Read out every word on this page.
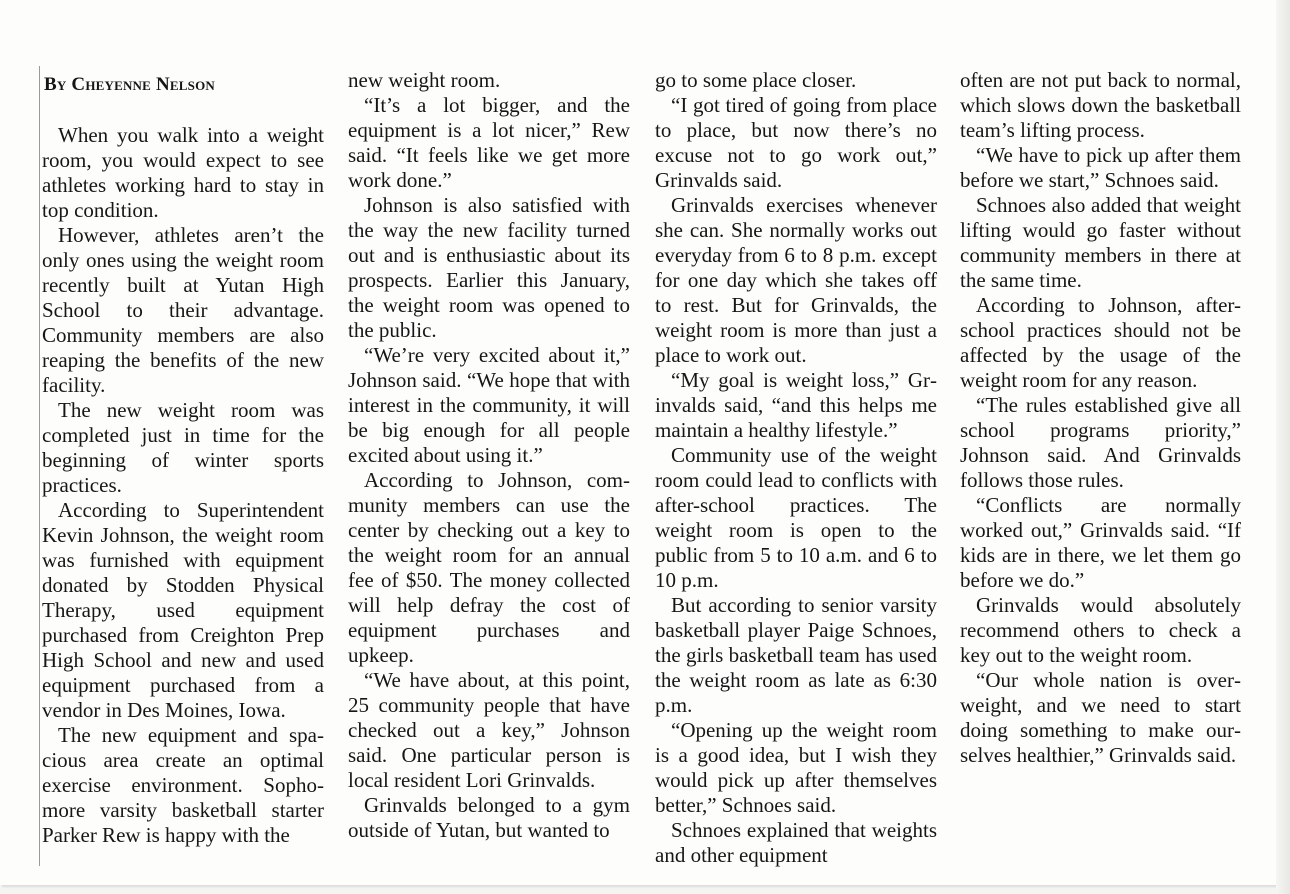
By Cheyenne Nelson

When you walk into a weight room, you would expect to see athletes working hard to stay in top condition.

However, athletes aren’t the only ones using the weight room recently built at Yutan High School to their advantage. Community members are also reaping the benefits of the new facility.

The new weight room was completed just in time for the beginning of winter sports practices.

According to Superintendent Kevin Johnson, the weight room was furnished with equipment donated by Stodden Physical Therapy, used equipment purchased from Creighton Prep High School and new and used equipment purchased from a vendor in Des Moines, Iowa.

The new equipment and spacious area create an optimal exercise environment. Sophomore varsity basketball starter Parker Rew is happy with the

new weight room.

“It’s a lot bigger, and the equipment is a lot nicer,” Rew said. “It feels like we get more work done.”

Johnson is also satisfied with the way the new facility turned out and is enthusiastic about its prospects. Earlier this January, the weight room was opened to the public.

“We’re very excited about it,” Johnson said. “We hope that with interest in the community, it will be big enough for all people excited about using it.”

According to Johnson, community members can use the center by checking out a key to the weight room for an annual fee of $50. The money collected will help defray the cost of equipment purchases and upkeep.

“We have about, at this point, 25 community people that have checked out a key,” Johnson said. One particular person is local resident Lori Grinvalds.

Grinvalds belonged to a gym outside of Yutan, but wanted to

go to some place closer.

“I got tired of going from place to place, but now there’s no excuse not to go work out,” Grinvalds said.

Grinvalds exercises whenever she can. She normally works out everyday from 6 to 8 p.m. except for one day which she takes off to rest. But for Grinvalds, the weight room is more than just a place to work out.

“My goal is weight loss,” Grinvalds said, “and this helps me maintain a healthy lifestyle.”

Community use of the weight room could lead to conflicts with after-school practices. The weight room is open to the public from 5 to 10 a.m. and 6 to 10 p.m.

But according to senior varsity basketball player Paige Schnoes, the girls basketball team has used the weight room as late as 6:30 p.m.

“Opening up the weight room is a good idea, but I wish they would pick up after themselves better,” Schnoes said.

Schnoes explained that weights and other equipment

often are not put back to normal, which slows down the basketball team’s lifting process.

“We have to pick up after them before we start,” Schnoes said.

Schnoes also added that weight lifting would go faster without community members in there at the same time.

According to Johnson, after-school practices should not be affected by the usage of the weight room for any reason.

“The rules established give all school programs priority,” Johnson said. And Grinvalds follows those rules.

“Conflicts are normally worked out,” Grinvalds said. “If kids are in there, we let them go before we do.”

Grinvalds would absolutely recommend others to check a key out to the weight room.

“Our whole nation is overweight, and we need to start doing something to make ourselves healthier,” Grinvalds said.
